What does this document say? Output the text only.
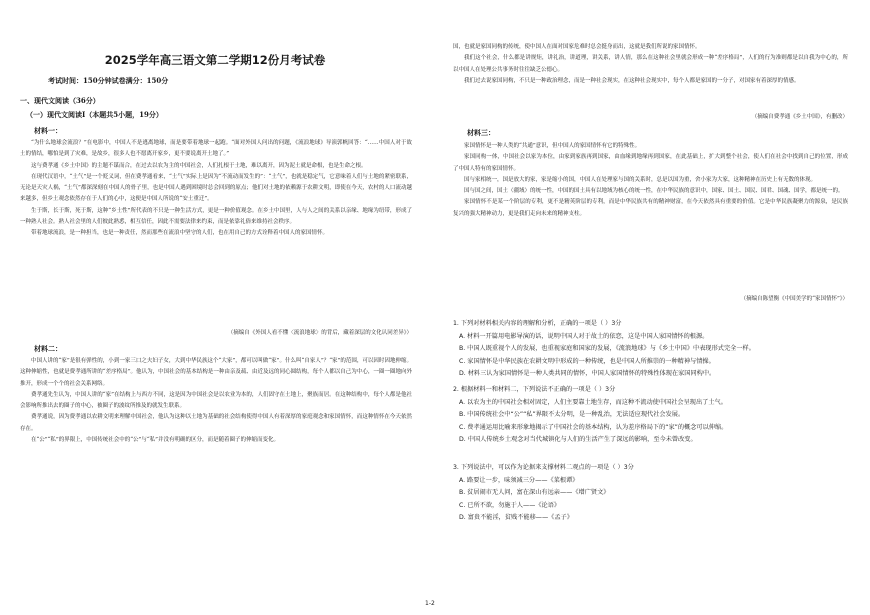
2025学年高三语文第二学期12份月考试卷
考试时间：150分钟试卷满分：150分
一、现代文阅读（36分）
（一）现代文阅读Ⅰ（本题共5小题，19分）
材料一：

“为什么地球会流浪？”在电影中，中国人不是逃离地球，而是要带着地球一起跑。“面对外国人问出的问题，《流浪地球》导演郭帆回答：“……中国人对于故土的情结，哪怕是到了灾难，是故乡，很多人也不愿离开家乡，更不要说离开土地了。”

这与费孝通《乡土中国》的主题不谋而合，在过去以农为主的中国社会，人们扎根于土地，难以离开，因为泥土就是命根，也是生命之根。

在现代汉语中，“土气”是一个贬义词，但在费孝通看来，“土气”实际上是因为“不流动而发生的”：“土气”，也就是稳定气，它意味着人们与土地的紧密联系，无论是天灾人祸，“土气”都深深刻在中国人的骨子里，也是中国人遇到困境时总会回到的原点；他们对土地的依赖源于农耕文明，即使在今天，农村的人口流动越来越多，但乡土观念依然存在于人们的心中，这便是中国人所说的“安土重迁”。

生于斯，长于斯，死于斯，这种“乡土性”所代表的不只是一种生活方式，更是一种价值观念。在乡土中国里，人与人之间的关系以亲缘、地缘为纽带，形成了一种熟人社会。熟人社会里的人们彼此熟悉，相互信任，因此不需要法律来约束，而是依靠礼俗来维持社会秩序。

带着地球流浪，是一种担当，也是一种责任，然而那些在流浪中坚守的人们，也在用自己的方式诠释着中国人的家国情怀。

（摘编自《外国人看不懂〈流浪地球〉的背后，藏着深层的文化认同差异》）
材料二：

中国人讲的“家”是很有弹性的，小到一家三口之夫妇子女，大到中华民族这个“大家”，都可以叫做“家”。什么叫“自家人”？“家”的范围，可以因时因地伸缩。这种伸缩性，也就是费孝通所讲的“差序格局”。他认为，中国社会的基本结构是一种由亲及疏、由近及远的同心圆结构，每个人都以自己为中心，一圈一圈地向外推开，形成一个个的社会关系网络。

费孝通先生认为，中国人讲的“家”在结构上与西方不同，这是因为中国社会是以农业为本的，人们固守在土地上，聚族而居。在这种结构中，每个人都是他社会影响所推出去的圈子的中心，被圈子的波纹所推及的就发生联系。

费孝通说，因为费孝通以农耕文明来理解中国社会，他认为这种以土地为基础的社会结构使得中国人有着深厚的家庭观念和家国情怀，而这种情怀在今天依然存在。

在“公”“私”的界限上，中国传统社会中的“公”与“私”并没有明确的区分，而是随着圈子的伸缩而变化。

国，也就是家国同构的传统，使中国人在面对国家危难时总会挺身而出，这就是我们所说的家国情怀。

我们这个社会，什么都是讲规矩，讲礼治，讲道理，讲关系，讲人情，那么在这种社会里就会形成一种“差序格局”，人们的行为准则都是以自我为中心的，所以中国人在处理公共事务时往往缺乏公德心。

我们过去说家国同构，不只是一种政治理念，而是一种社会现实，在这种社会现实中，每个人都是家国的一分子，对国家有着深厚的情感。

（摘编自费孝通《乡土中国》，有删改）
材料三：

家国情怀是一种人类的“共通”意识，但中国人的家国情怀有它的特殊性。

家国同构一体，中国社会以家为本位，由家到家族再到国家，由血缘到地缘再到国家，在此基础上，扩大到整个社会，使人们在社会中找到自己的位置，形成了中国人特有的家国情怀。

国与家相统一，国是放大的家，家是缩小的国，中国人在处理家与国的关系时，总是以国为重，舍小家为大家，这种精神在历史上有无数的体现。

国与国之间，国土（疆域）的统一性，中国的国土具有以地域为核心的统一性，在中华民族的意识中，国家、国土、国民、国君、国魂、国学，都是统一的。

家国情怀不是某一个阶层的专利，更不是精英阶层的专利，而是中华民族共有的精神财富，在今天依然具有重要的价值。它是中华民族凝聚力的源泉，是民族复兴的强大精神动力，更是我们走向未来的精神支柱。

（摘编自陈望衡《中国美学的“家国情怀”》）
1. 下列对材料相关内容的理解和分析，正确的一项是（ ）3分
A. 材料一开篇用电影导演的话，说明中国人对于故土的依恋，这是中国人家国情怀的根源。
B. 中国人既重视个人的发展，也重视家庭和国家的发展，《流浪地球》与《乡土中国》中表现形式完全一样。
C. 家国情怀是中华民族在农耕文明中形成的一种传统，也是中国人所推崇的一种精神与情操。
D. 材料三认为家国情怀是一种人类共同的情怀，中国人家国情怀的特殊性体现在家国同构中。
2. 根据材料一和材料二，下列说法不正确的一项是（ ）3分
A. 以农为主的中国社会相对固定，人们主要靠土地生存，而这种不流动使中国社会呈现出了土气。
B. 中国传统社会中“公”“私”界限不太分明，是一种乱治，无法适应现代社会发展。
C. 费孝通运用比喻来形象地揭示了中国社会的基本结构，认为差序格局下的“家”的概念可以伸缩。
D. 中国人传统乡土观念对当代城镇化与人们的生活产生了深远的影响，至今未曾改变。
3. 下列说法中，可以作为论据来支撑材料二观点的一项是（ ）3分
A. 路要让一步，味须减三分——《菜根谭》
B. 贫居闹市无人问，富在深山有远亲——《增广贤文》
C. 已所不欲，勿施于人——《论语》
D. 富贵不能淫，贫贱不能移——《孟子》
1-2
